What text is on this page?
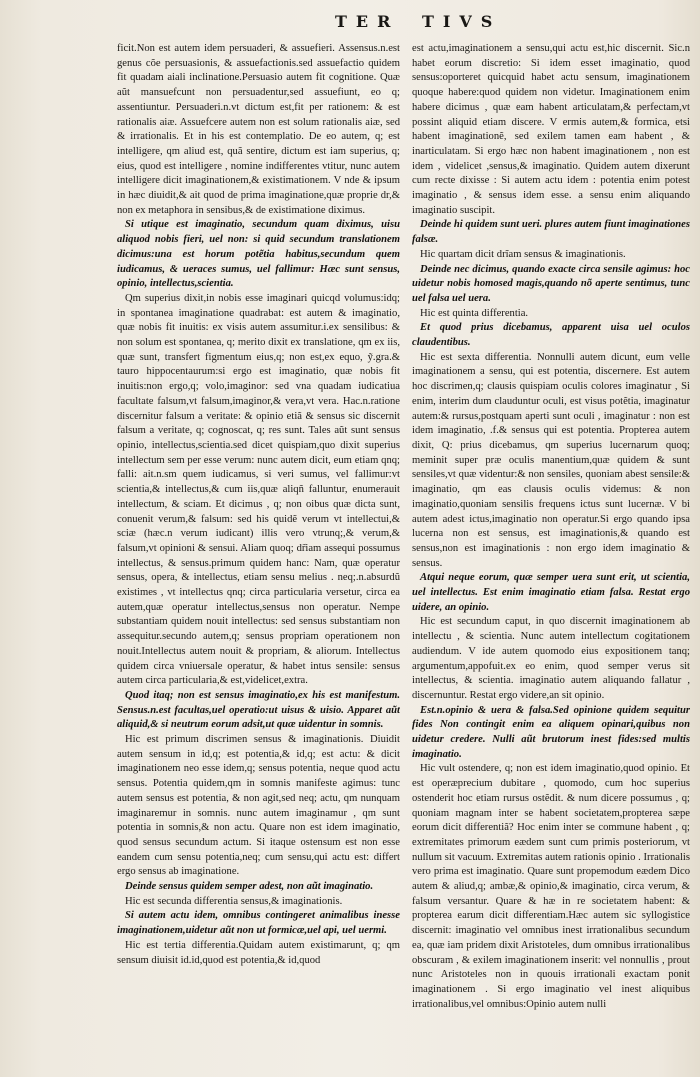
TER TIVS

ficit.Non est autem idem persuaderi, & assuefieri. Assensus.n.est genus cõe persuasionis, & assuefactionis.sed assuefactio quidem fit quadam aiali inclinatione.Persuasio autem fit cognitione. Quæ aũt mansuefcunt non persuadentur,sed assuefiunt, eo q; assentiuntur. Persuaderi.n.vt dictum est,fit per rationem: & est rationalis aiæ. Assuefcere autem non est solum rationalis aiæ, sed & irrationalis. Et in his est contemplatio. De eo autem, q; est intelligere, qm aliud est, quã sentire, dictum est iam superius, q; eius, quod est intelligere , nomine indifferentes vtitur, nunc autem intelligere dicit imaginationem,& existimationem. V nde & ipsum in hæc diuidit,& ait quod de prima imaginatione,quæ proprie dr,& non ex metaphora in sensibus,& de existimatione diximus.

Si utique est imaginatio, secundum quam diximus, uisu aliquod nobis fieri, uel non: si quid secundum translationem dicimus:una est horum potẽtia habitus,secundum quem iudicamus, & ueraces sumus, uel fallimur: Hæc sunt sensus, opinio, intellectus,scientia.

Qm superius dixit,in nobis esse imaginari quicqd volumus:idq; in spontanea imaginatione quadrabat: est autem & imaginatio, quæ nobis fit inuitis: ex visis autem assumitur.i.ex sensilibus: & non solum est spontanea, q; merito dixit ex translatione, qm ex iis, quæ sunt, transfert figmentum eius,q; non est,ex equo, ỹ.gra.& tauro hippocentaurum:si ergo est imaginatio, quæ nobis fit inuitis:non ergo,q; volo,imaginor: sed vna quadam iudicatiua facultate falsum,vt falsum,imaginor,& vera,vt vera. Hac.n.ratione discernitur falsum a veritate: & opinio etiã & sensus sic discernit falsum a veritate, q; cognoscat, q; res sunt. Tales aũt sunt sensus opinio, intellectus,scientia.sed dicet quispiam,quo dixit superius intellectum sem per esse verum: nunc autem dicit, eum etiam qnq; falli: ait.n.sm quem iudicamus, si veri sumus, vel fallimur:vt scientia,& intellectus,& cum iis,quæ aliqñ falluntur, enumerauit intellectum, & sciam. Et dicimus , q; non oibus quæ dicta sunt, conuenit verum,& falsum: sed his quidẽ verum vt intellectui,& sciæ (hæc.n verum iudicant) illis vero vtrunq;,& verum,& falsum,vt opinioni & sensui. Aliam quoq; dr̃iam assequi possumus intellectus, & sensus.primum quidem hanc: Nam, quæ operatur sensus, opera, & intellectus, etiam sensu melius . neq;.n.absurdũ existimes , vt intellectus qnq; circa particularia versetur, circa ea autem,quæ operatur intellectus,sensus non operatur. Nempe substantiam quidem nouit intellectus: sed sensus substantiam non assequitur.secundo autem,q; sensus propriam operationem non nouit.Intellectus autem nouit & propriam, & aliorum. Intellectus quidem circa vniuersale operatur, & habet intus sensile: sensus autem circa particularia,& est,videlicet,extra.

Quod itaq; non est sensus imaginatio,ex his est manifestum. Sensus.n.est facultas,uel operatio:ut uisus & uisio. Apparet aũt aliquid,& si neutrum eorum adsit,ut quæ uidentur in somnis.

Hic est primum discrimen sensus & imaginationis. Diuidit autem sensum in id,q; est potentia,& id,q; est actu: & dicit imaginationem neo esse idem,q; sensus potentia, neque quod actu sensus. Potentia quidem,qm in somnis manifeste agimus: tunc autem sensus est potentia, & non agit,sed neq; actu, qm nunquam imaginaremur in somnis. nunc autem imaginamur , qm sunt potentia in somnis,& non actu. Quare non est idem imaginatio, quod sensus secundum actum. Si itaque ostensum est non esse eandem cum sensu potentia,neq; cum sensu,qui actu est: differt ergo sensus ab imaginatione.

Deinde sensus quidem semper adest, non aũt imaginatio.

Hic est secunda differentia sensus,& imaginationis.

Si autem actu idem, omnibus contingeret animalibus inesse imaginationem,uidetur aũt non ut formicæ,uel api, uel uermi.

Hic est tertia differentia.Quidam autem existimarunt, q; qm sensum diuisit id.id,quod est potentia,& id,quod

est actu,imaginationem a sensu,qui actu est,hic discernit. Sic.n habet eorum discretio: Si idem esset imaginatio, quod sensus:oporteret quicquid habet actu sensum, imaginationem quoque habere:quod quidem non videtur. Imaginationem enim habere dicimus , quæ eam habent articulatam,& perfectam,vt possint aliquid etiam discere. V ermis autem,& formica, etsi habent imaginationẽ, sed exilem tamen eam habent , & inarticulatam. Si ergo hæc non habent imaginationem , non est idem , videlicet ,sensus,& imaginatio. Quidem autem dixerunt cum recte dixisse : Si autem actu idem : potentia enim potest imaginatio , & sensus idem esse. a sensu enim aliquando imaginatio suscipit.

Deinde hi quidem sunt ueri. plures autem fiunt imaginationes falsæ.

Hic quartam dicit drĩam sensus & imaginationis.

Deinde nec dicimus, quando exacte circa sensile agimus: hoc uidetur nobis homosed magis,quando nõ aperte sentimus, tunc uel falsa uel uera.

Hic est quinta differentia.

Et quod prius dicebamus, apparent uisa uel oculos claudentibus.

Hic est sexta differentia. Nonnulli autem dicunt, eum velle imaginationem a sensu, qui est potentia, discernere. Est autem hoc discrimen,q; clausis quispiam oculis colores imaginatur , Si enim, interim dum clauduntur oculi, est visus potẽtia, imaginatur autem:& rursus,postquam aperti sunt oculi , imaginatur : non est idem imaginatio, .f.& sensus qui est potentia. Propterea autem dixit, Q: prius dicebamus, qm superius lucernarum quoq; meminit super præ oculis manentium,quæ quidem & sunt sensiles,vt quæ videntur:& non sensiles, quoniam abest sensile:& imaginatio, qm eas clausis oculis videmus: & non imaginatio,quoniam sensilis frequens ictus sunt lucernæ. V bi autem adest ictus,imaginatio non operatur.Si ergo quando ipsa lucerna non est sensus, est imaginationis,& quando est sensus,non est imaginationis : non ergo idem imaginatio & sensus.

Atqui neque eorum, quæ semper uera sunt erit, ut scientia, uel intellectus. Est enim imaginatio etiam falsa. Restat ergo uidere, an opinio.

Hic est secundum caput, in quo discernit imaginationem ab intellectu , & scientia. Nunc autem intellectum cogitationem audiendum. V ide autem quomodo eius expositionem tanq; argumentum,appofuit.ex eo enim, quod semper verus sit intellectus, & scientia. imaginatio autem aliquando fallatur , discernuntur. Restat ergo videre,an sit opinio.

Est.n.opinio & uera & falsa.Sed opinione quidem sequitur fides Non contingit enim ea aliquem opinari,quibus non uidetur credere. Nulli aũt brutorum inest fides:sed multis imaginatio.

Hic vult ostendere, q; non est idem imaginatio,quod opinio. Et est operæprecium dubitare , quomodo, cum hoc superius ostenderit hoc etiam rursus ostẽdit. & num dicere possumus , q; quoniam magnam inter se habent societatem,propterea sæpe eorum dicit differentiã? Hoc enim inter se commune habent , q; extremitates primorum eædem sunt cum primis posteriorum, vt nullum sit vacuum. Extremitas autem rationis opinio . Irrationalis vero prima est imaginatio. Quare sunt propemodum eædem Dico autem & aliud,q; ambæ,& opinio,& imaginatio, circa verum, & falsum versantur. Quare & hæ in re societatem habent: & propterea earum dicit differentiam.Hæc autem sic syllogistice discernit: imaginatio vel omnibus inest irrationalibus secundum ea, quæ iam pridem dixit Aristoteles, dum omnibus irrationalibus obscuram , & exilem imaginationem inserit: vel nonnullis , prout nunc Aristoteles non in quouis irrationali exactam ponit imaginationem . Si ergo imaginatio vel inest aliquibus irrationalibus,vel omnibus:Opinio autem nulli
